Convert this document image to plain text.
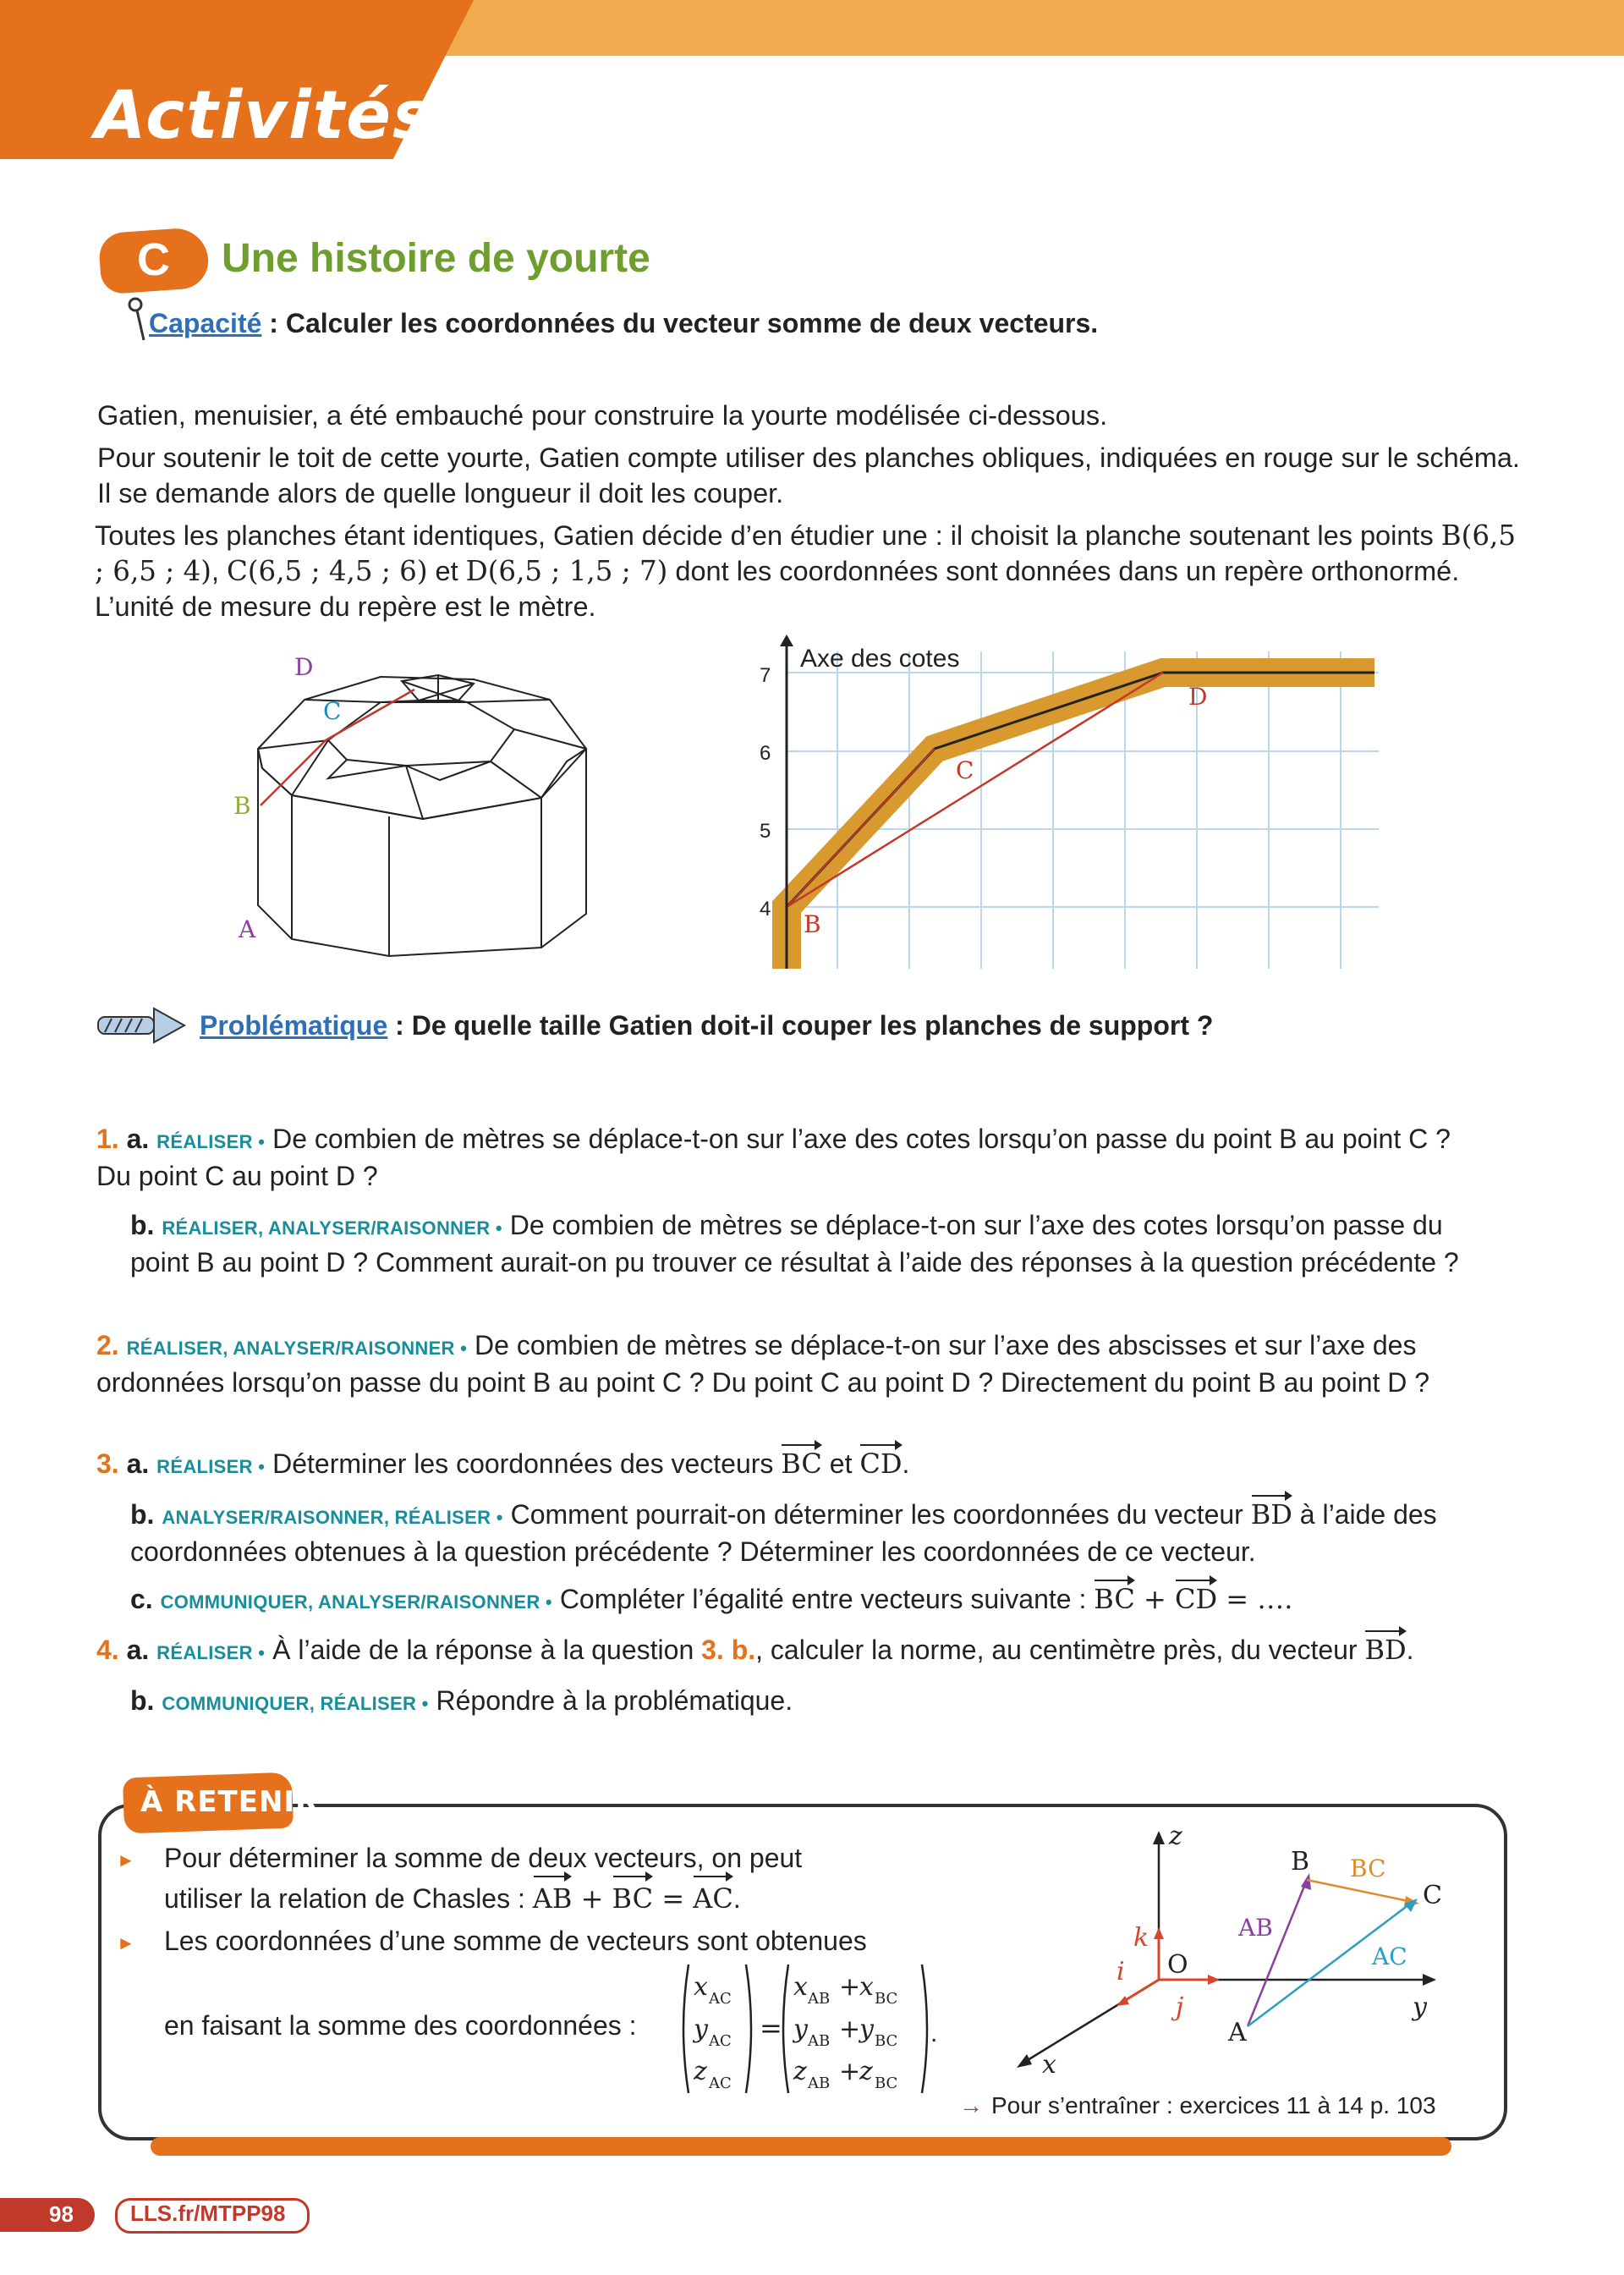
Activités
C Une histoire de yourte
Capacité : Calculer les coordonnées du vecteur somme de deux vecteurs.
Gatien, menuisier, a été embauché pour construire la yourte modélisée ci-dessous.
Pour soutenir le toit de cette yourte, Gatien compte utiliser des planches obliques, indiquées en rouge sur le schéma. Il se demande alors de quelle longueur il doit les couper.
Toutes les planches étant identiques, Gatien décide d’en étudier une : il choisit la planche soutenant les points B(6,5 ; 6,5 ; 4), C(6,5 ; 4,5 ; 6) et D(6,5 ; 1,5 ; 7) dont les coordonnées sont données dans un repère orthonormé. L’unité de mesure du repère est le mètre.
D
C
B
A
Axe des cotes
7
6
5
4
B
C
D
Problématique : De quelle taille Gatien doit-il couper les planches de support ?
1. a. RÉALISER • De combien de mètres se déplace-t-on sur l’axe des cotes lorsqu’on passe du point B au point C ? Du point C au point D ?
b. RÉALISER, ANALYSER/RAISONNER • De combien de mètres se déplace-t-on sur l’axe des cotes lorsqu’on passe du point B au point D ? Comment aurait-on pu trouver ce résultat à l’aide des réponses à la question précédente ?
2. RÉALISER, ANALYSER/RAISONNER • De combien de mètres se déplace-t-on sur l’axe des abscisses et sur l’axe des ordonnées lorsqu’on passe du point B au point C ? Du point C au point D ? Directement du point B au point D ?
3. a. RÉALISER • Déterminer les coordonnées des vecteurs BC et CD.
b. ANALYSER/RAISONNER, RÉALISER • Comment pourrait-on déterminer les coordonnées du vecteur BD à l’aide des coordonnées obtenues à la question précédente ? Déterminer les coordonnées de ce vecteur.
c. COMMUNIQUER, ANALYSER/RAISONNER • Compléter l’égalité entre vecteurs suivante : BC + CD = ….
4. a. RÉALISER • À l’aide de la réponse à la question 3. b., calculer la norme, au centimètre près, du vecteur BD.
b. COMMUNIQUER, RÉALISER • Répondre à la problématique.
À RETENIR
► Pour déterminer la somme de deux vecteurs, on peut
utiliser la relation de Chasles : AB + BC = AC.
► Les coordonnées d’une somme de vecteurs sont obtenues
en faisant la somme des coordonnées :
x
y
z
AC
AC
AC
=
x x
y y
z z
+
+
+
AB
AB
AB
BC
BC
BC
.
z
y
x
O
A
B
C
k
j
i
AB
BC
AC
→ Pour s’entraîner : exercices 11 à 14 p. 103
98	LLS.fr/MTPP98
